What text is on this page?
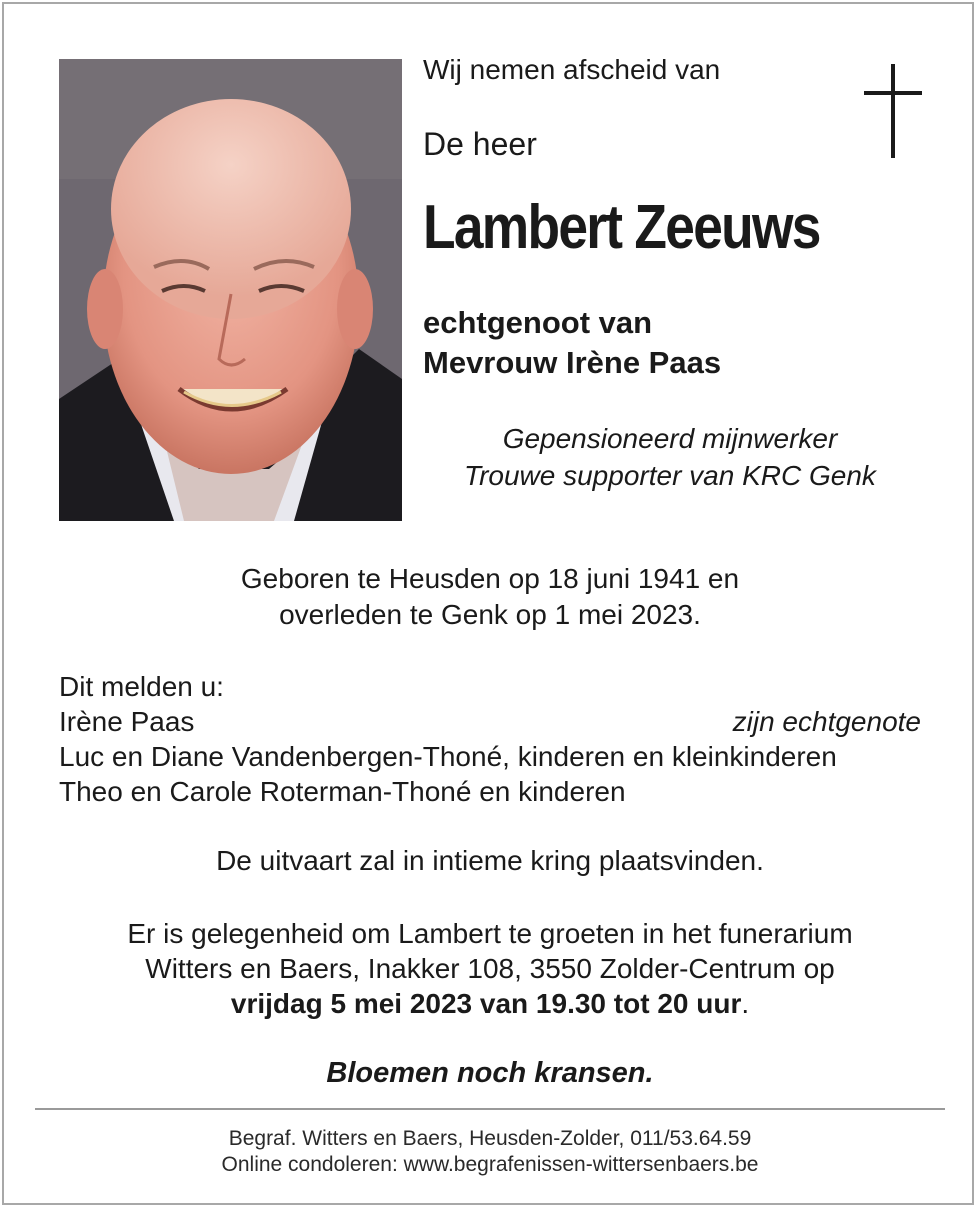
Wij nemen afscheid van
De heer
Lambert Zeeuws
echtgenoot van
Mevrouw Irène Paas
Gepensioneerd mijnwerker
Trouwe supporter van KRC Genk
Geboren te Heusden op 18 juni 1941 en
overleden te Genk op 1 mei 2023.
Dit melden u:
Irène Paas	zijn echtgenote
Luc en Diane Vandenbergen-Thoné, kinderen en kleinkinderen
Theo en Carole Roterman-Thoné en kinderen
De uitvaart zal in intieme kring plaatsvinden.
Er is gelegenheid om Lambert te groeten in het funerarium
Witters en Baers, Inakker 108, 3550 Zolder-Centrum op
vrijdag 5 mei 2023 van 19.30 tot 20 uur.
Bloemen noch kransen.
Begraf. Witters en Baers, Heusden-Zolder, 011/53.64.59
Online condoleren: www.begrafenissen-wittersenbaers.be
